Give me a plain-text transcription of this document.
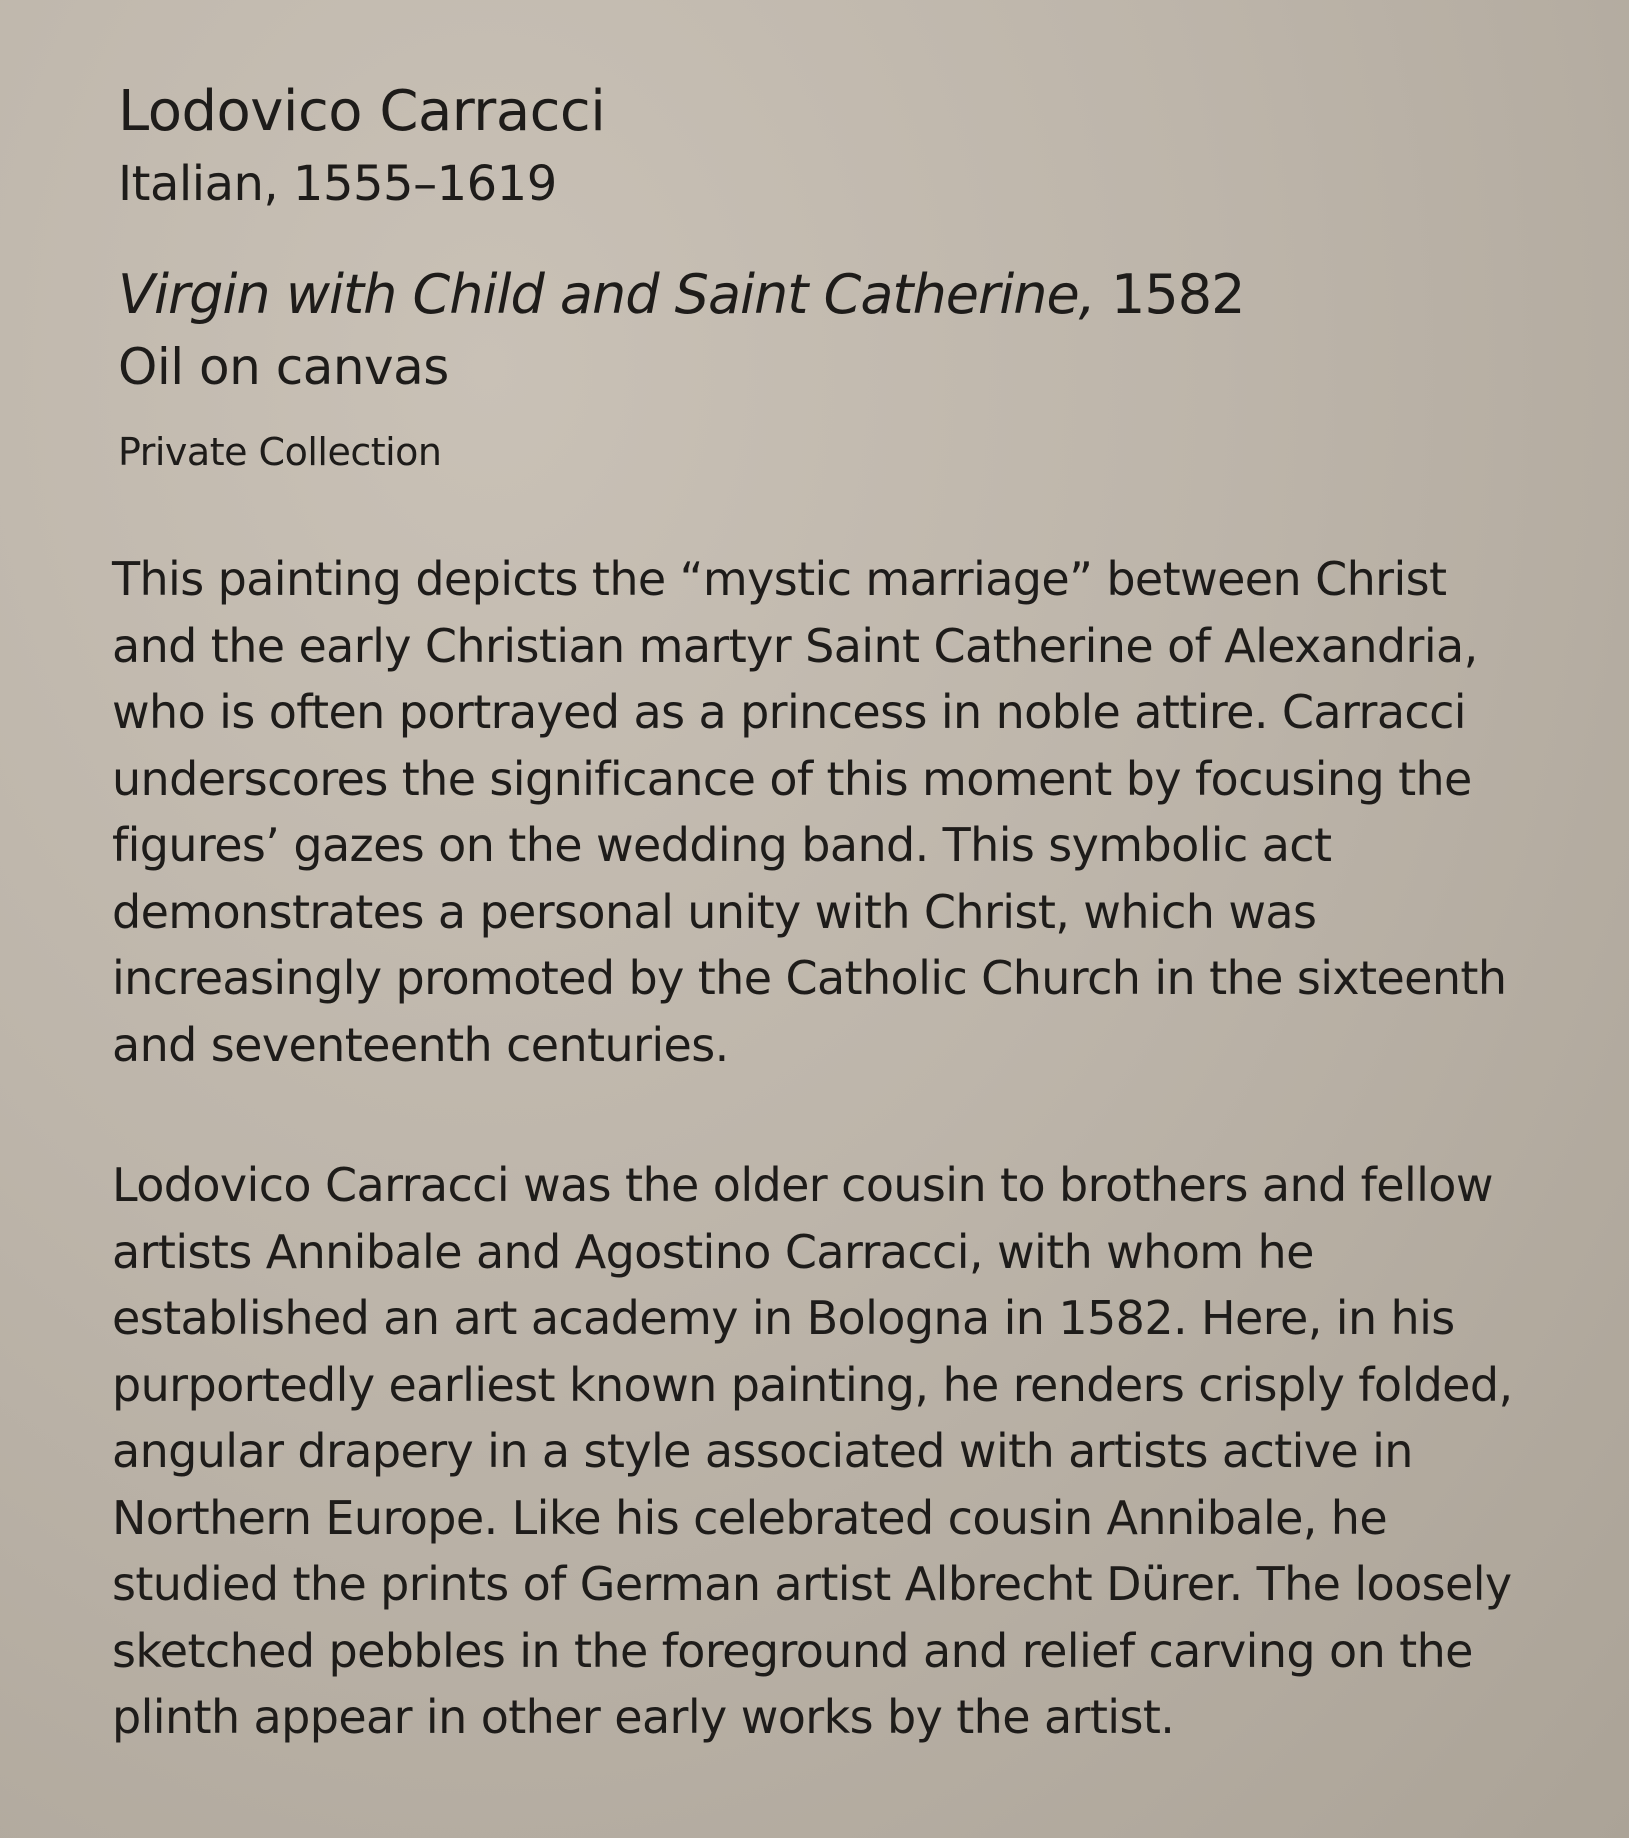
Lodovico Carracci
Italian, 1555–1619
Virgin with Child and Saint Catherine, 1582
Oil on canvas
Private Collection
This painting depicts the “mystic marriage” between Christ
and the early Christian martyr Saint Catherine of Alexandria,
who is often portrayed as a princess in noble attire. Carracci
underscores the significance of this moment by focusing the
figures’ gazes on the wedding band. This symbolic act
demonstrates a personal unity with Christ, which was
increasingly promoted by the Catholic Church in the sixteenth
and seventeenth centuries.
Lodovico Carracci was the older cousin to brothers and fellow
artists Annibale and Agostino Carracci, with whom he
established an art academy in Bologna in 1582. Here, in his
purportedly earliest known painting, he renders crisply folded,
angular drapery in a style associated with artists active in
Northern Europe. Like his celebrated cousin Annibale, he
studied the prints of German artist Albrecht Dürer. The loosely
sketched pebbles in the foreground and relief carving on the
plinth appear in other early works by the artist.
